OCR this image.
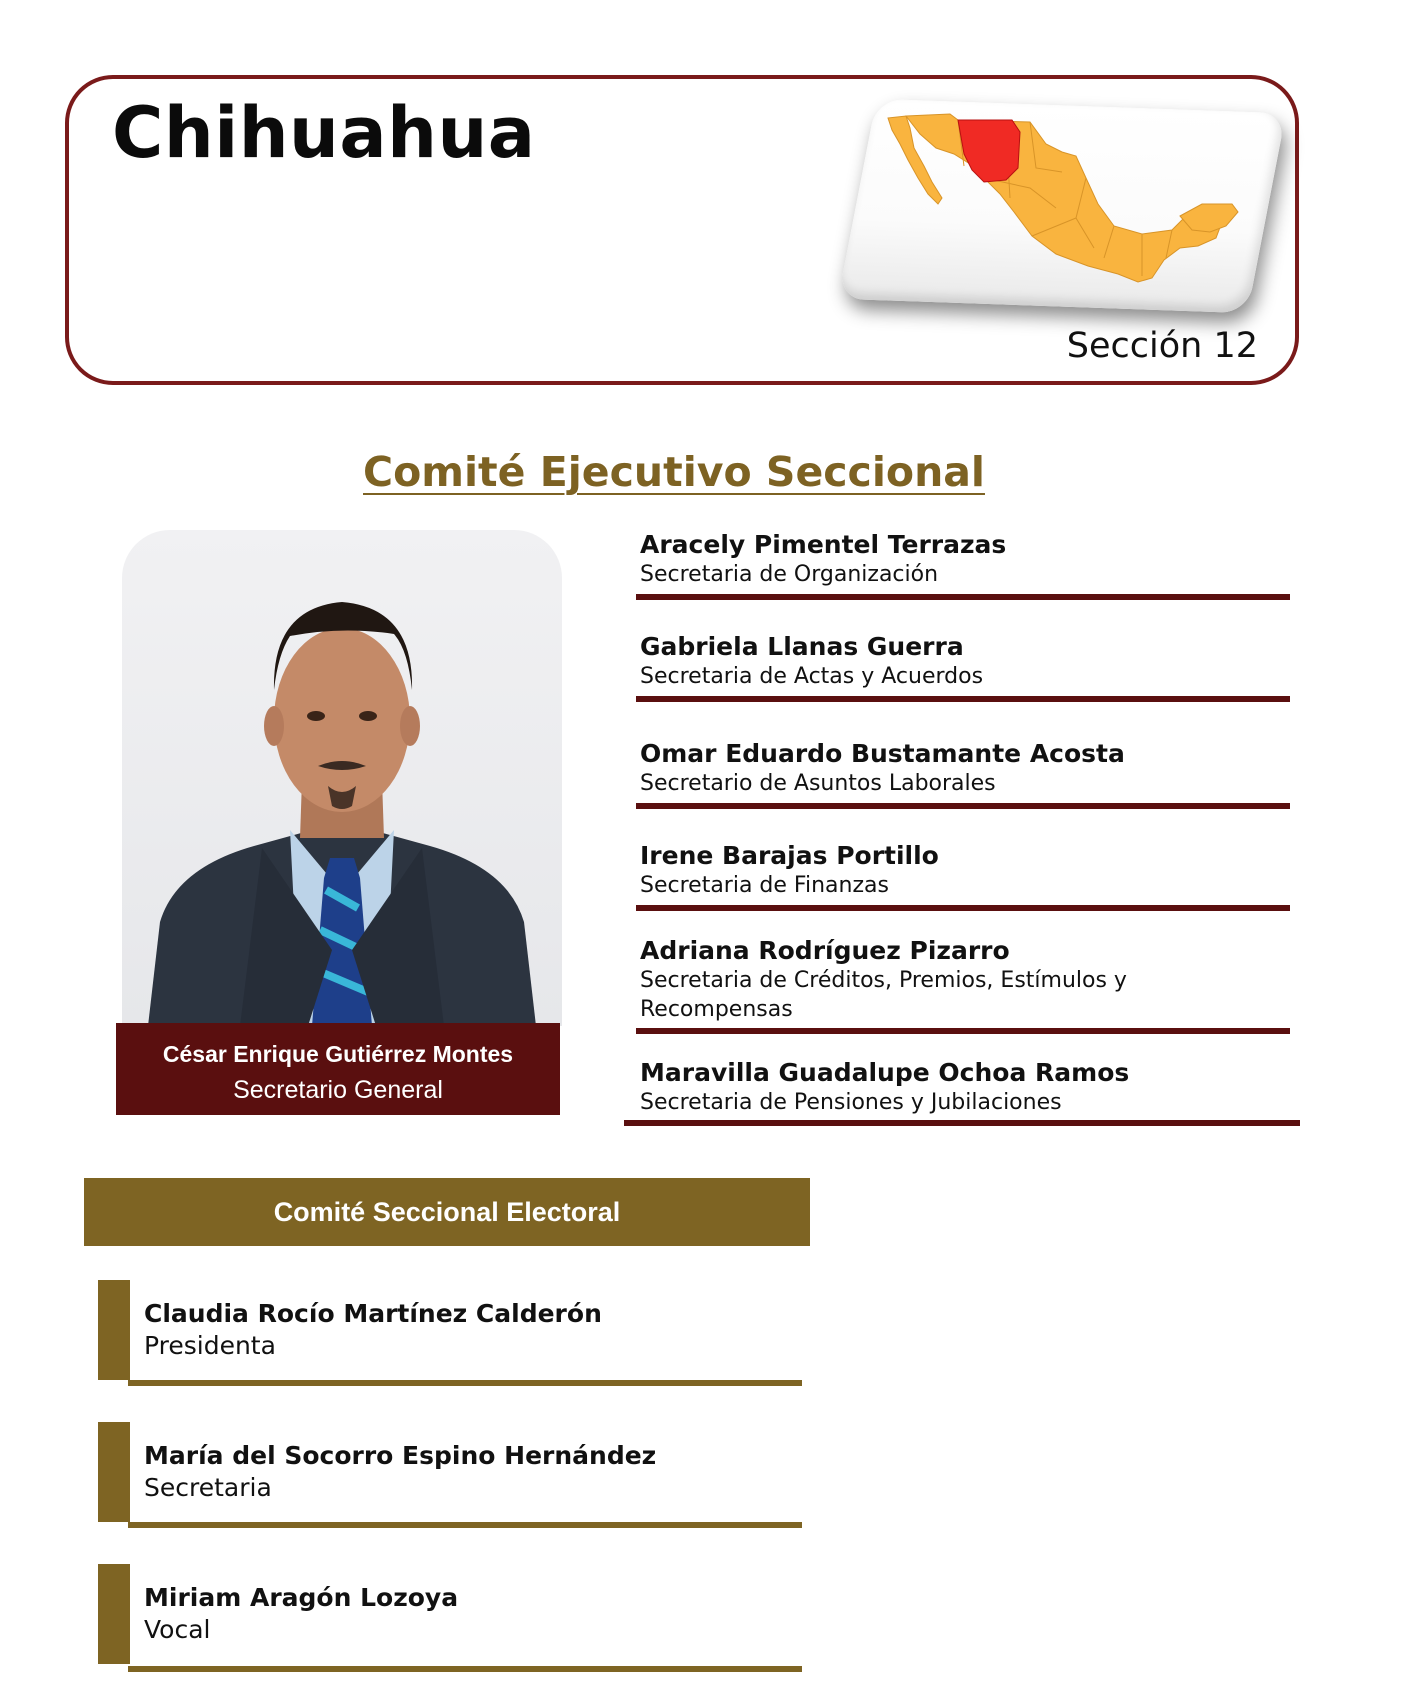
Chihuahua

Sección 12

Comité Ejecutivo Seccional
César Enrique Gutiérrez Montes
Secretario General
Aracely Pimentel Terrazas
Secretaria de Organización
Gabriela Llanas Guerra
Secretaria de Actas y Acuerdos
Omar Eduardo Bustamante Acosta
Secretario de Asuntos Laborales
Irene Barajas Portillo
Secretaria de Finanzas
Adriana Rodríguez Pizarro
Secretaria de Créditos, Premios, Estímulos y Recompensas
Maravilla Guadalupe Ochoa Ramos
Secretaria de Pensiones y Jubilaciones
Comité Seccional Electoral
Claudia Rocío Martínez Calderón
Presidenta
María del Socorro Espino Hernández
Secretaria
Miriam Aragón Lozoya
Vocal
